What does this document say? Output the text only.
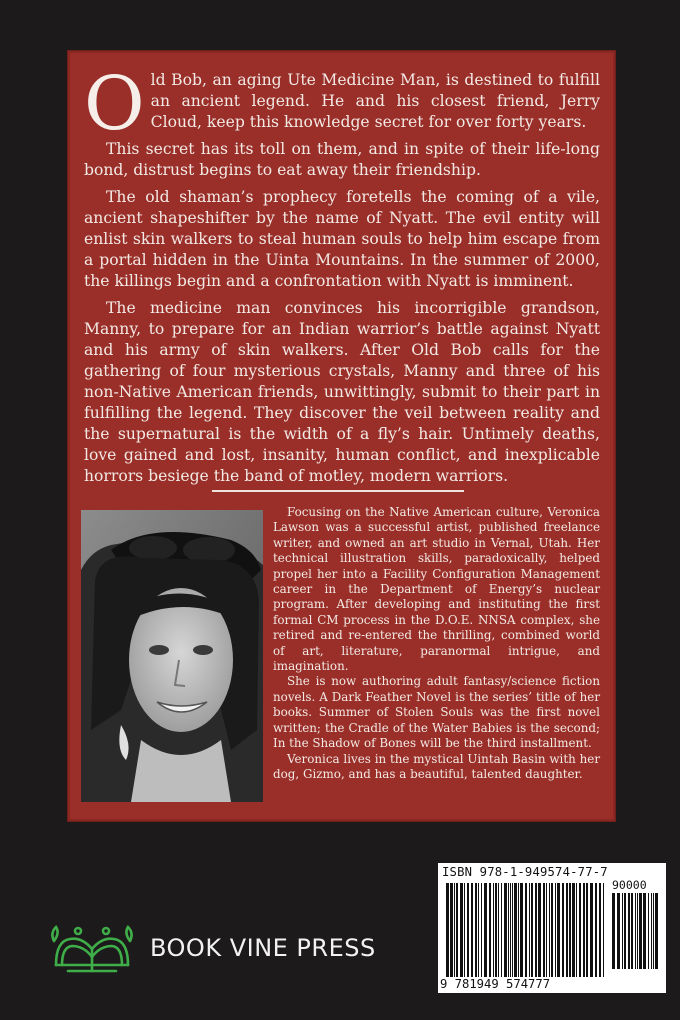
Old Bob, an aging Ute Medicine Man, is destined to fulfill an ancient legend. He and his closest friend, Jerry Cloud, keep this knowledge secret for over forty years.

This secret has its toll on them, and in spite of their life-long bond, distrust begins to eat away their friendship.

The old shaman’s prophecy foretells the coming of a vile, ancient shapeshifter by the name of Nyatt. The evil entity will enlist skin walkers to steal human souls to help him escape from a portal hidden in the Uinta Mountains. In the summer of 2000, the killings begin and a confrontation with Nyatt is imminent.

The medicine man convinces his incorrigible grandson, Manny, to prepare for an Indian warrior’s battle against Nyatt and his army of skin walkers. After Old Bob calls for the gathering of four mysterious crystals, Manny and three of his non-Native American friends, unwittingly, submit to their part in fulfilling the legend. They discover the veil between reality and the supernatural is the width of a fly’s hair. Untimely deaths, love gained and lost, insanity, human conflict, and inexplicable horrors besiege the band of motley, modern warriors.

Focusing on the Native American culture, Veronica Lawson was a successful artist, published freelance writer, and owned an art studio in Vernal, Utah. Her technical illustration skills, paradoxically, helped propel her into a Facility Configuration Management career in the Department of Energy’s nuclear program. After developing and instituting the first formal CM process in the D.O.E. NNSA complex, she retired and re-entered the thrilling, combined world of art, literature, paranormal intrigue, and imagination.

She is now authoring adult fantasy/science fiction novels. A Dark Feather Novel is the series’ title of her books. Summer of Stolen Souls was the first novel written; the Cradle of the Water Babies is the second; In the Shadow of Bones will be the third installment.

Veronica lives in the mystical Uintah Basin with her dog, Gizmo, and has a beautiful, talented daughter.

ISBN 978-1-949574-77-7
90000
9 781949 574777
BOOK VINE PRESS
